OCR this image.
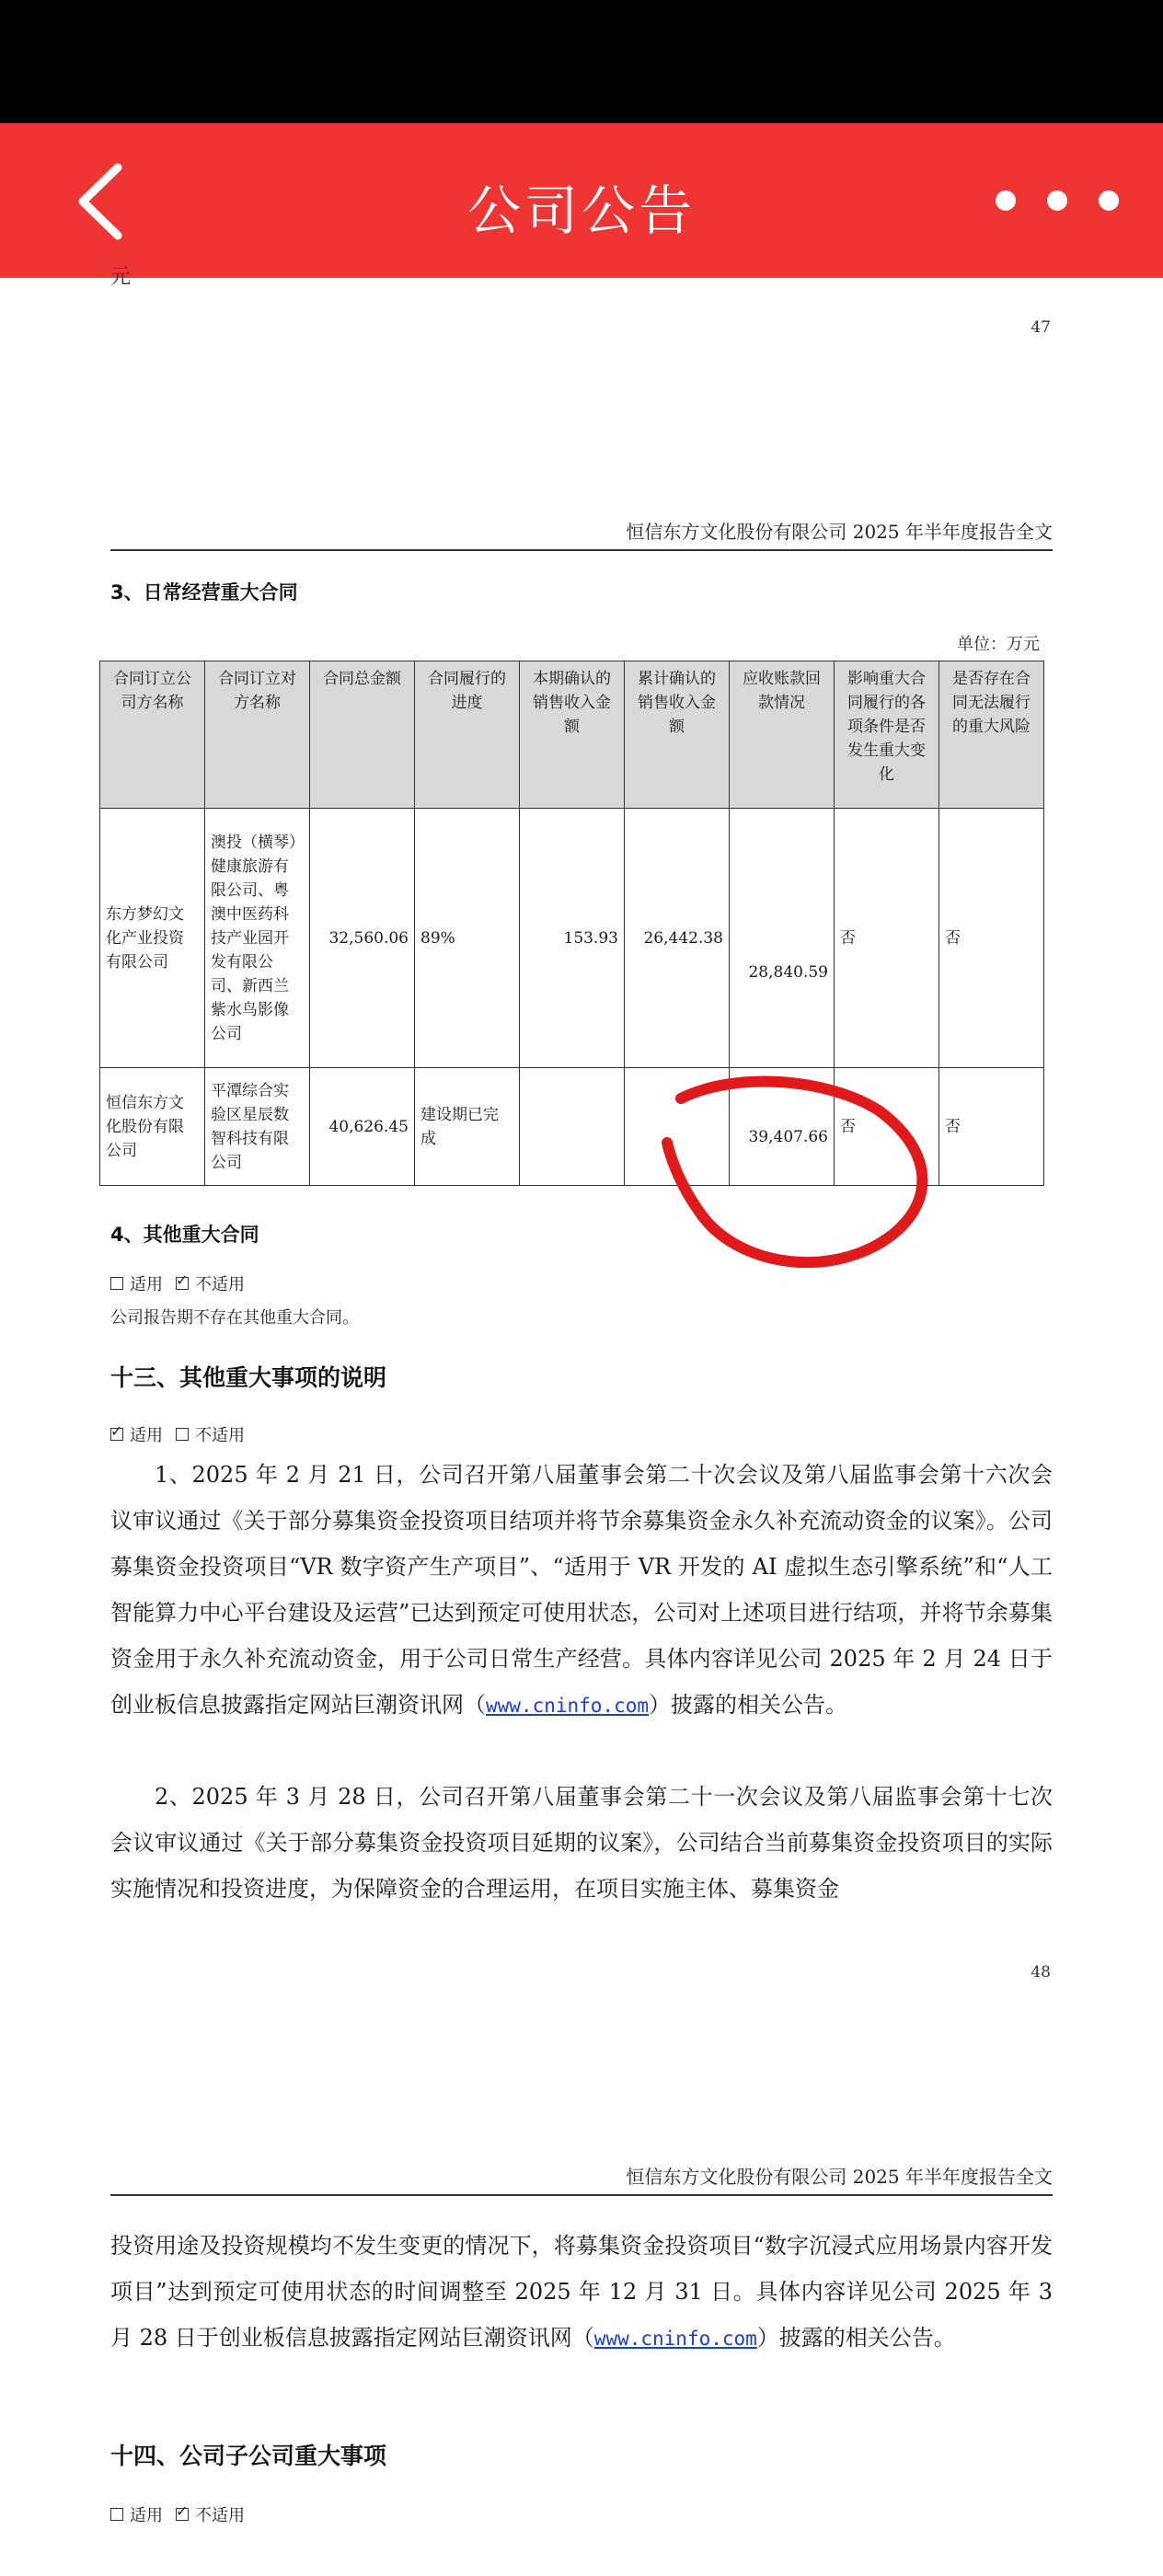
公司公告
元
47
恒信东方文化股份有限公司 2025 年半年度报告全文
3、日常经营重大合同
单位：万元
合同订立公司方名称	合同订立对方名称	合同总金额	合同履行的进度	本期确认的销售收入金额	累计确认的销售收入金额	应收账款回款情况	影响重大合同履行的各项条件是否发生重大变化	是否存在合同无法履行的重大风险
东方梦幻文化产业投资有限公司	澳投（横琴）健康旅游有限公司、粤澳中医药科技产业园开发有限公司、新西兰紫水鸟影像公司	32,560.06	89%	153.93	26,442.38	28,840.59	否	否
恒信东方文化股份有限公司	平潭综合实验区星辰数智科技有限公司	40,626.45	建设期已完成			39,407.66	否	否
4、其他重大合同
适用 ✓ 不适用
公司报告期不存在其他重大合同。
十三、其他重大事项的说明
✓
适用 不适用
1、2025 年 2 月 21 日，公司召开第八届董事会第二十次会议及第八届监事会第十六次会议审议通过《关于部分募集资金投资项目结项并将节余募集资金永久补充流动资金的议案》。公司募集资金投资项目“VR 数字资产生产项目”、“适用于 VR 开发的 AI 虚拟生态引擎系统”和“人工智能算力中心平台建设及运营”已达到预定可使用状态，公司对上述项目进行结项，并将节余募集资金用于永久补充流动资金，用于公司日常生产经营。具体内容详见公司 2025 年 2 月 24 日于创业板信息披露指定网站巨潮资讯网（www.cninfo.com）披露的相关公告。
2、2025 年 3 月 28 日，公司召开第八届董事会第二十一次会议及第八届监事会第十七次会议审议通过《关于部分募集资金投资项目延期的议案》，公司结合当前募集资金投资项目的实际实施情况和投资进度，为保障资金的合理运用，在项目实施主体、募集资金
48
恒信东方文化股份有限公司 2025 年半年度报告全文
投资用途及投资规模均不发生变更的情况下，将募集资金投资项目“数字沉浸式应用场景内容开发项目”达到预定可使用状态的时间调整至 2025 年 12 月 31 日。具体内容详见公司 2025 年 3 月 28 日于创业板信息披露指定网站巨潮资讯网（www.cninfo.com）披露的相关公告。
十四、公司子公司重大事项
适用 ✓ 不适用
